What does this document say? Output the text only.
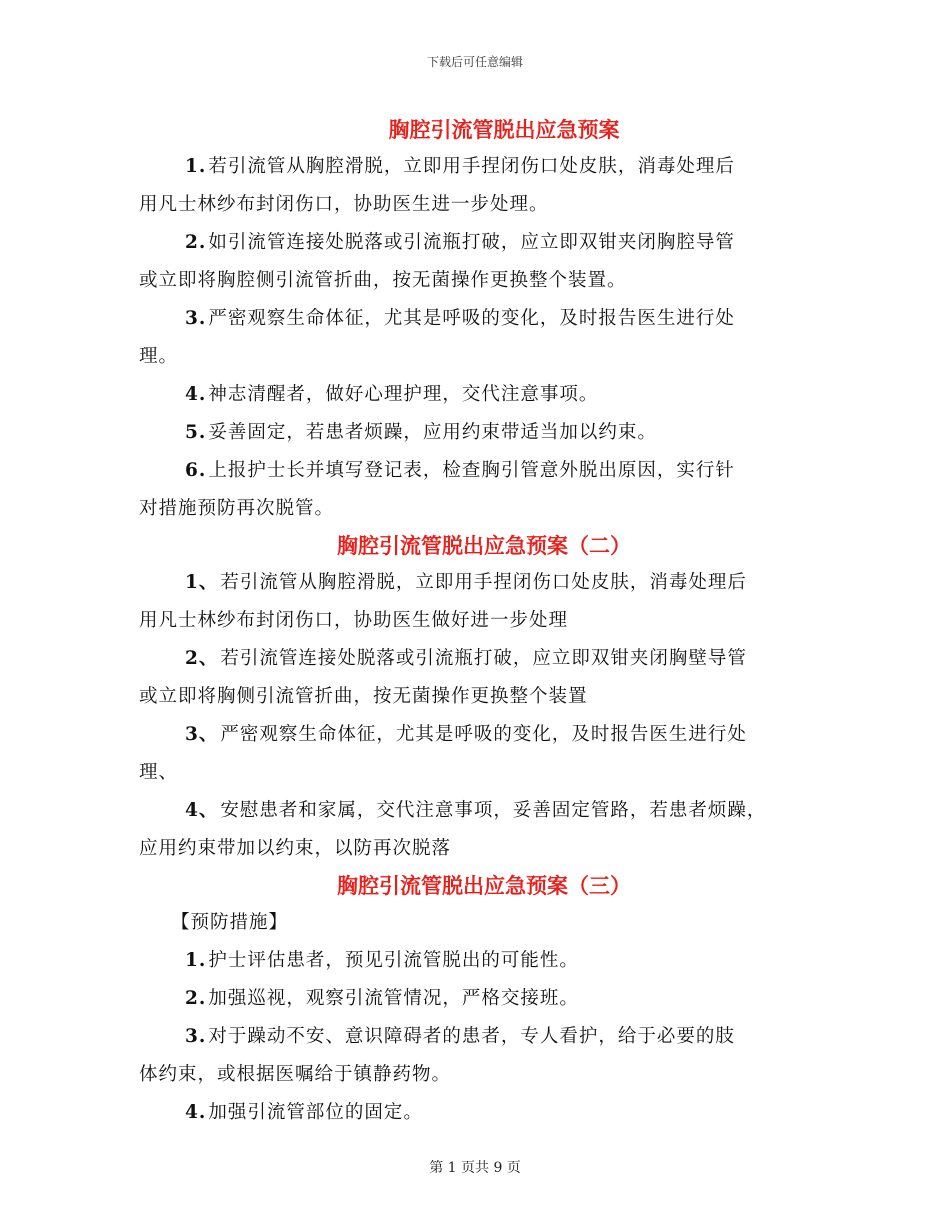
下载后可任意编辑
胸腔引流管脱出应急预案
1. 若引流管从胸腔滑脱，立即用手捏闭伤口处皮肤，消毒处理后
用凡士林纱布封闭伤口，协助医生进一步处理。
2. 如引流管连接处脱落或引流瓶打破，应立即双钳夹闭胸腔导管
或立即将胸腔侧引流管折曲，按无菌操作更换整个装置。
3. 严密观察生命体征，尤其是呼吸的变化，及时报告医生进行处
理。
4. 神志清醒者，做好心理护理，交代注意事项。
5. 妥善固定，若患者烦躁，应用约束带适当加以约束。
6. 上报护士长并填写登记表，检查胸引管意外脱出原因，实行针
对措施预防再次脱管。
胸腔引流管脱出应急预案（二）
1、 若引流管从胸腔滑脱，立即用手捏闭伤口处皮肤，消毒处理后
用凡士林纱布封闭伤口，协助医生做好进一步处理
2、 若引流管连接处脱落或引流瓶打破，应立即双钳夹闭胸壁导管
或立即将胸侧引流管折曲，按无菌操作更换整个装置
3、 严密观察生命体征，尤其是呼吸的变化，及时报告医生进行处
理、
4、 安慰患者和家属，交代注意事项，妥善固定管路，若患者烦躁，
应用约束带加以约束，以防再次脱落
胸腔引流管脱出应急预案（三）
【预防措施】
1. 护士评估患者，预见引流管脱出的可能性。
2. 加强巡视，观察引流管情况，严格交接班。
3. 对于躁动不安、意识障碍者的患者，专人看护，给于必要的肢
体约束，或根据医嘱给于镇静药物。
4. 加强引流管部位的固定。
第 1 页共 9 页
